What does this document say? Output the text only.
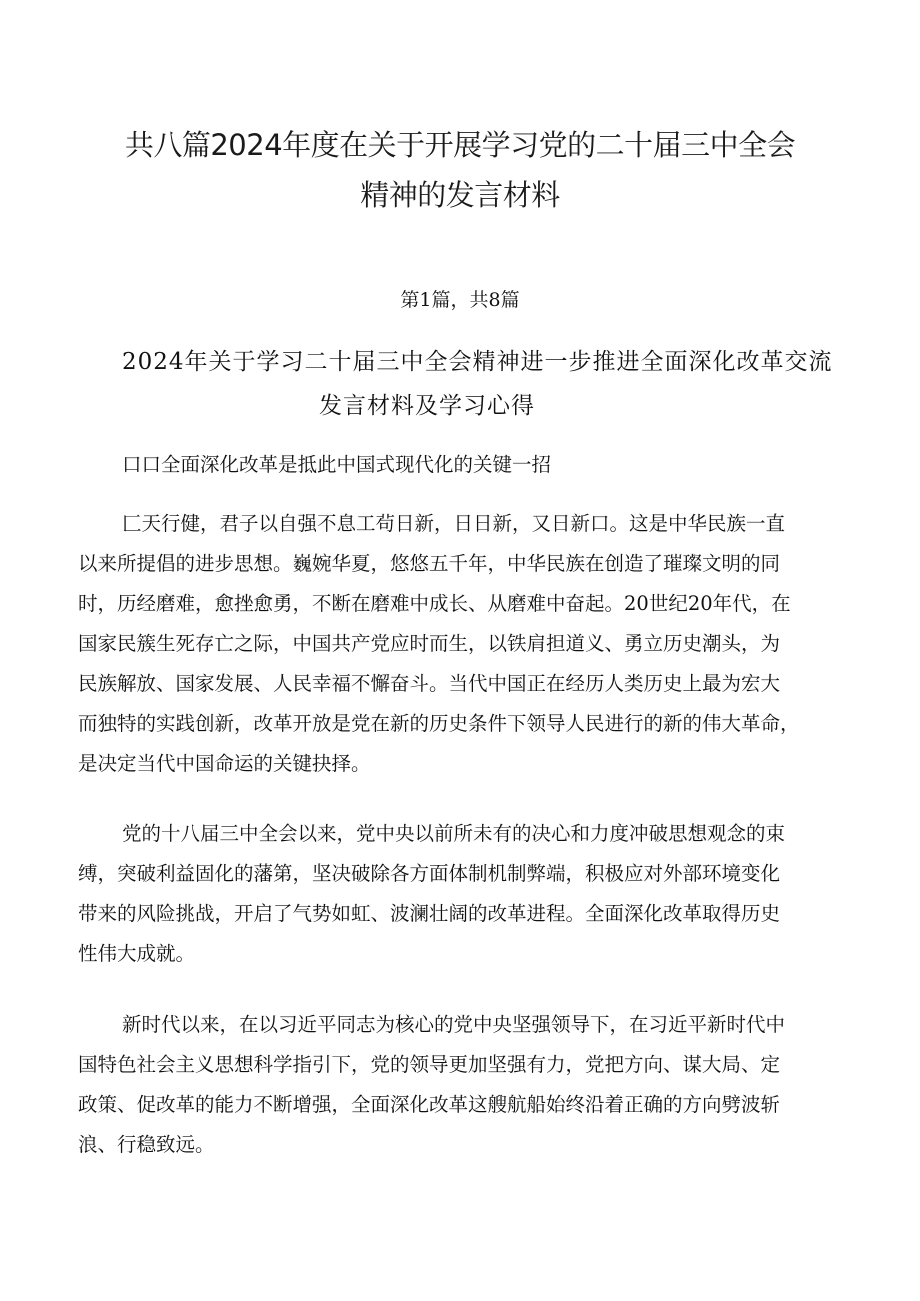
共八篇2024年度在关于开展学习党的二十届三中全会
精神的发言材料
第1篇，共8篇
2024年关于学习二十届三中全会精神进一步推进全面深化改革交流
发言材料及学习心得
口口全面深化改革是抵此中国式现代化的关键一招
匚天行健，君子以自强不息工茍日新，日日新，又日新口。这是中华民族一直
以来所提倡的进步思想。巍婉华夏，悠悠五千年，中华民族在创造了璀璨文明的同
时，历经磨难，愈挫愈勇，不断在磨难中成长、从磨难中奋起。20世纪20年代，在
国家民簇生死存亡之际，中国共产党应时而生，以铁肩担道义、勇立历史潮头，为
民族解放、国家发展、人民幸福不懈奋斗。当代中国正在经历人类历史上最为宏大
而独特的实践创新，改革开放是党在新的历史条件下领导人民进行的新的伟大革命，
是决定当代中国命运的关键抉择。
党的十八届三中全会以来，党中央以前所未有的决心和力度冲破思想观念的束
缚，突破利益固化的藩第，坚决破除各方面体制机制弊端，积极应对外部环境变化
带来的风险挑战，开启了气势如虹、波澜壮阔的改革进程。全面深化改革取得历史
性伟大成就。
新时代以来，在以习近平同志为核心的党中央坚强领导下，在习近平新时代中
国特色社会主义思想科学指引下，党的领导更加坚强有力，党把方向、谋大局、定
政策、促改革的能力不断增强，全面深化改革这艘航船始终沿着正确的方向劈波斩
浪、行稳致远。
